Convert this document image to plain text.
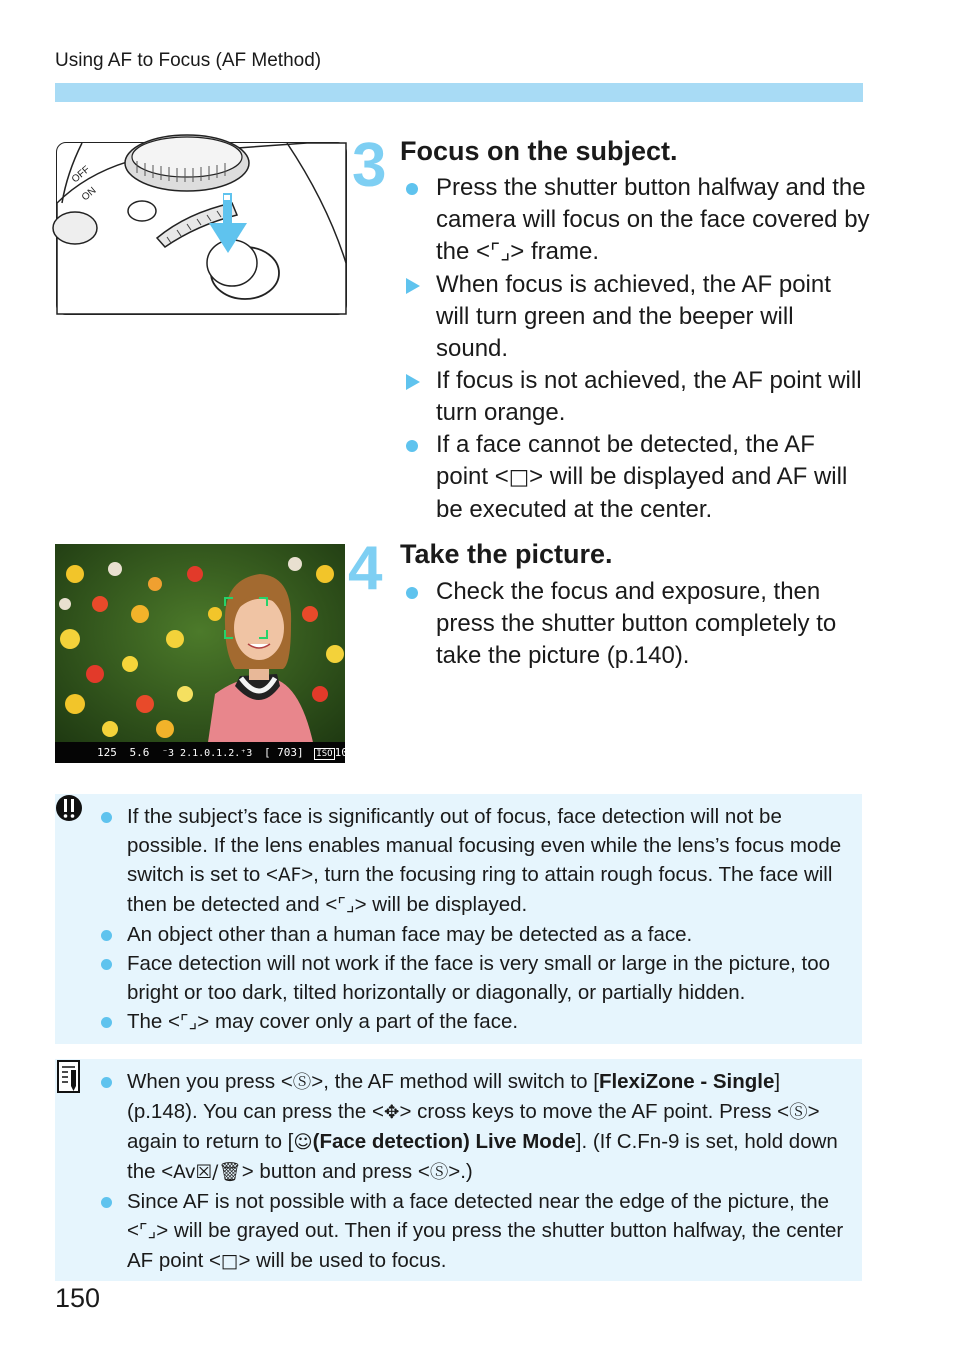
Using AF to Focus (AF Method)
OFF
ON	3 Focus on the subject.
Press the shutter button halfway and the camera will focus on the face covered by the <⌜⌟> frame.
When focus is achieved, the AF point will turn green and the beeper will sound.
If focus is not achieved, the AF point will turn orange.
If a face cannot be detected, the AF point <□> will be displayed and AF will be executed at the center.
125 5.6 ⁻3 2.1.0.1.2.⁺3 [ 703] ISO 100
4 Take the picture.
Check the focus and exposure, then press the shutter button completely to take the picture (p.140).
If the subject’s face is significantly out of focus, face detection will not be possible. If the lens enables manual focusing even while the lens’s focus mode switch is set to <AF>, turn the focusing ring to attain rough focus. The face will then be detected and <⌜⌟> will be displayed.
An object other than a human face may be detected as a face.
Face detection will not work if the face is very small or large in the picture, too bright or too dark, tilted horizontally or diagonally, or partially hidden.
The <⌜⌟> may cover only a part of the face.
When you press <Ⓢ>, the AF method will switch to [FlexiZone - Single] (p.148). You can press the <✥> cross keys to move the AF point. Press <Ⓢ> again to return to [☺(Face detection) Live Mode]. (If C.Fn-9 is set, hold down the <Av☒/🗑> button and press <Ⓢ>.)
Since AF is not possible with a face detected near the edge of the picture, the <⌜⌟> will be grayed out. Then if you press the shutter button halfway, the center AF point <□> will be used to focus.
150
